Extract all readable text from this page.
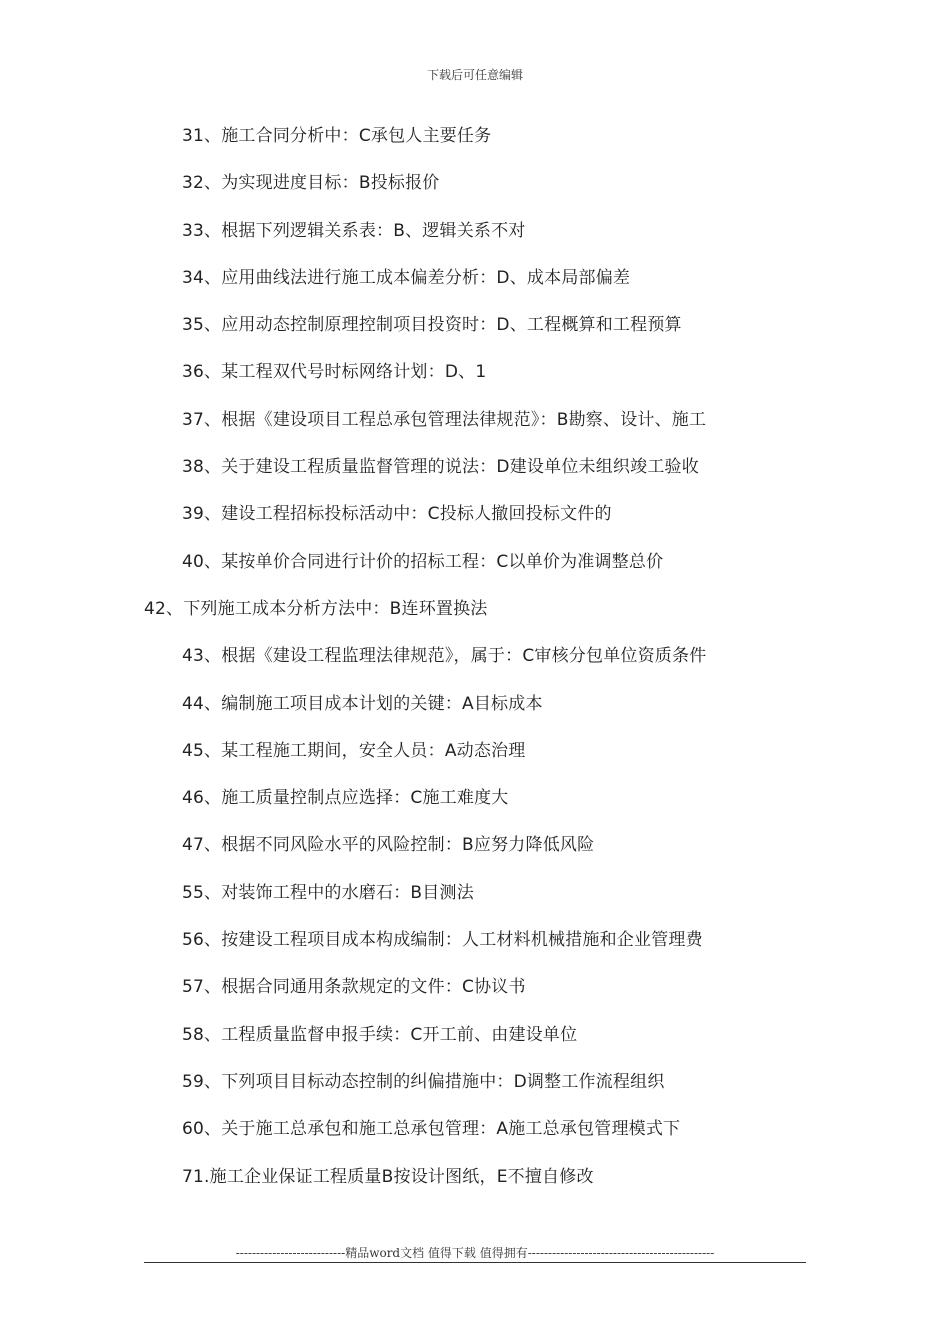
下载后可任意编辑
31、施工合同分析中：C承包人主要任务
32、为实现进度目标：B投标报价
33、根据下列逻辑关系表：B、逻辑关系不对
34、应用曲线法进行施工成本偏差分析：D、成本局部偏差
35、应用动态控制原理控制项目投资时：D、工程概算和工程预算
36、某工程双代号时标网络计划：D、1
37、根据《建设项目工程总承包管理法律规范》：B勘察、设计、施工
38、关于建设工程质量监督管理的说法：D建设单位未组织竣工验收
39、建设工程招标投标活动中：C投标人撤回投标文件的
40、某按单价合同进行计价的招标工程：C以单价为准调整总价
42、下列施工成本分析方法中：B连环置换法
43、根据《建设工程监理法律规范》，属于：C审核分包单位资质条件
44、编制施工项目成本计划的关键：A目标成本
45、某工程施工期间，安全人员：A动态治理
46、施工质量控制点应选择：C施工难度大
47、根据不同风险水平的风险控制：B应努力降低风险
55、对装饰工程中的水磨石：B目测法
56、按建设工程项目成本构成编制：人工材料机械措施和企业管理费
57、根据合同通用条款规定的文件：C协议书
58、工程质量监督申报手续：C开工前、由建设单位
59、下列项目目标动态控制的纠偏措施中：D调整工作流程组织
60、关于施工总承包和施工总承包管理：A施工总承包管理模式下
71.施工企业保证工程质量B按设计图纸，E不擅自修改
---------------------------精品word文档 值得下载 值得拥有----------------------------------------------
